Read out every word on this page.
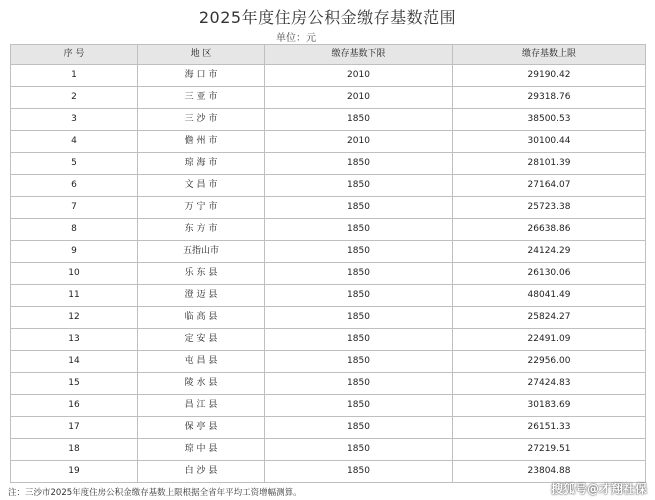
2025年度住房公积金缴存基数范围
单位：元
序 号	地 区	缴存基数下限	缴存基数上限
1	海 口 市	2010	29190.42
2	三 亚 市	2010	29318.76
3	三 沙 市	1850	38500.53
4	儋 州 市	2010	30100.44
5	琼 海 市	1850	28101.39
6	文 昌 市	1850	27164.07
7	万 宁 市	1850	25723.38
8	东 方 市	1850	26638.86
9	五指山市	1850	24124.29
10	乐 东 县	1850	26130.06
11	澄 迈 县	1850	48041.49
12	临 高 县	1850	25824.27
13	定 安 县	1850	22491.09
14	屯 昌 县	1850	22956.00
15	陵 水 县	1850	27424.83
16	昌 江 县	1850	30183.69
17	保 亭 县	1850	26151.33
18	琼 中 县	1850	27219.51
19	白 沙 县	1850	23804.88
注：三沙市2025年度住房公积金缴存基数上限根据全省年平均工资增幅测算。	搜狐号@才翔社保
